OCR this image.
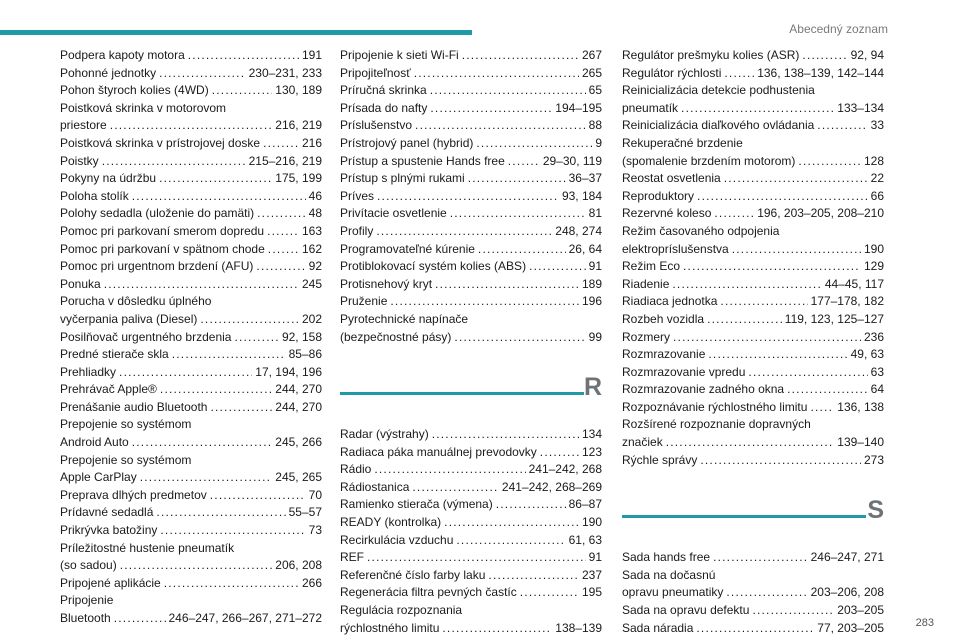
Abecedný zoznam
Podpera kapoty motora .....	191
Pohonné jednotky .....	230–231, 233
Pohon štyroch kolies (4WD) .....	130, 189
Poistková skrinka v motorovom
priestore .....	216, 219
Poistková skrinka v prístrojovej doske .....	216
Poistky .....	215–216, 219
Pokyny na údržbu .....	175, 199
Poloha stolík .....	46
Polohy sedadla (uloženie do pamäti) .....	48
Pomoc pri parkovaní smerom dopredu .....	163
Pomoc pri parkovaní v spätnom chode .....	162
Pomoc pri urgentnom brzdení (AFU) .....	92
Ponuka .....	245
Porucha v dôsledku úplného
vyčerpania paliva (Diesel) .....	202
Posilňovač urgentného brzdenia .....	92, 158
Predné stierače skla .....	85–86
Prehliadky .....	17, 194, 196
Prehrávač Apple® .....	244, 270
Prenášanie audio Bluetooth .....	244, 270
Prepojenie so systémom
Android Auto .....	245, 266
Prepojenie so systémom
Apple CarPlay .....	245, 265
Preprava dlhých predmetov .....	70
Prídavné sedadlá .....	55–57
Prikrývka batožiny .....	73
Príležitostné hustenie pneumatík
(so sadou) .....	206, 208
Pripojené aplikácie .....	266
Pripojenie
Bluetooth .....	246–247, 266–267, 271–272
Pripojenie k sieti Wi-Fi .....	267
Pripojiteľnosť .....	265
Príručná skrinka .....	65
Prísada do nafty .....	194–195
Príslušenstvo .....	88
Prístrojový panel (hybrid) .....	9
Prístup a spustenie Hands free .....	29–30, 119
Prístup s plnými rukami .....	36–37
Príves .....	93, 184
Privítacie osvetlenie .....	81
Profily .....	248, 274
Programovateľné kúrenie .....	26, 64
Protiblokovací systém kolies (ABS) .....	91
Protisnehový kryt .....	189
Pruženie .....	196
Pyrotechnické napínače
(bezpečnostné pásy) .....	99
R
Radar (výstrahy) .....	134
Radiaca páka manuálnej prevodovky .....	123
Rádio .....	241–242, 268
Rádiostanica .....	241–242, 268–269
Ramienko stierača (výmena) .....	86–87
READY (kontrolka) .....	190
Recirkulácia vzduchu .....	61, 63
REF .....	91
Referenčné číslo farby laku .....	237
Regenerácia filtra pevných častíc .....	195
Regulácia rozpoznania
rýchlostného limitu .....	138–139
Regulátor prešmyku kolies (ASR) .....	92, 94
Regulátor rýchlosti .....	136, 138–139, 142–144
Reinicializácia detekcie podhustenia
pneumatík .....	133–134
Reinicializácia diaľkového ovládania .....	33
Rekuperačné brzdenie
(spomalenie brzdením motorom) .....	128
Reostat osvetlenia .....	22
Reproduktory .....	66
Rezervné koleso .....	196, 203–205, 208–210
Režim časovaného odpojenia
elektropríslušenstva .....	190
Režim Eco .....	129
Riadenie .....	44–45, 117
Riadiaca jednotka .....	177–178, 182
Rozbeh vozidla .....	119, 123, 125–127
Rozmery .....	236
Rozmrazovanie .....	49, 63
Rozmrazovanie vpredu .....	63
Rozmrazovanie zadného okna .....	64
Rozpoznávanie rýchlostného limitu ..... 136, 138
Rozšírené rozpoznanie dopravných
značiek .....	139–140
Rýchle správy .....	273
S
Sada hands free .....	246–247, 271
Sada na dočasnú
opravu pneumatiky .....	203–206, 208
Sada na opravu defektu .....	203–205
Sada náradia .....	77, 203–205	283
